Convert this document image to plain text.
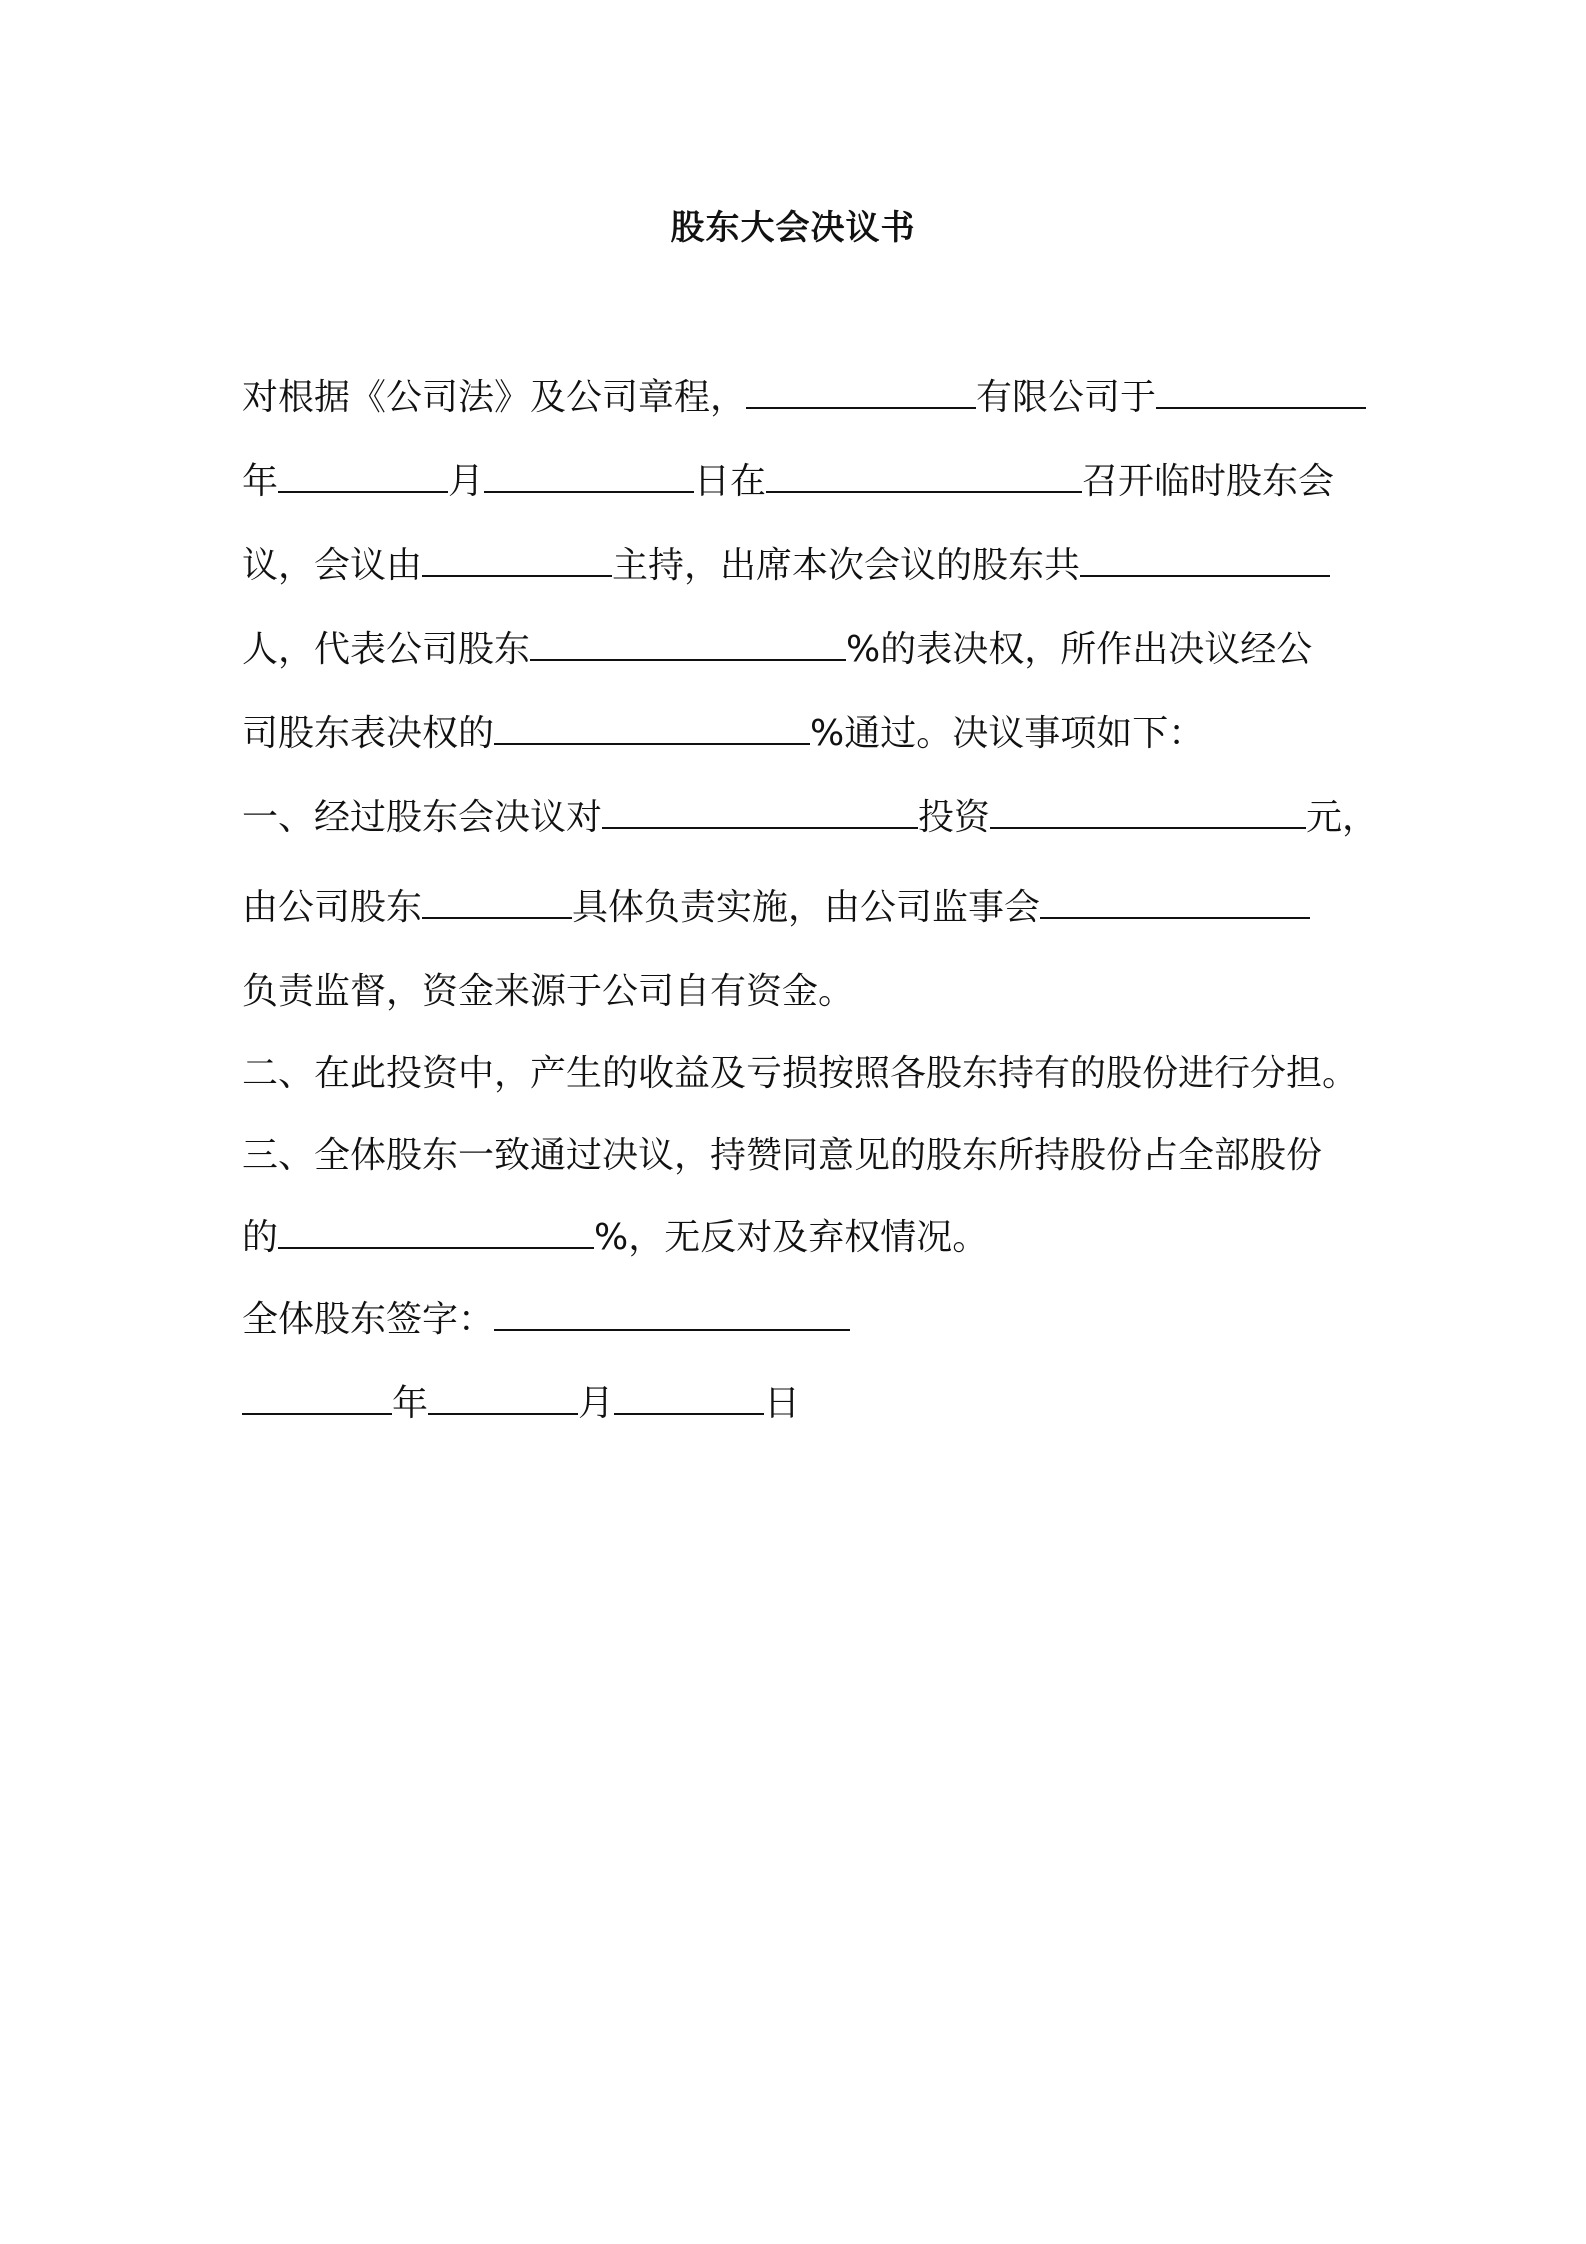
股东大会决议书
对根据《公司法》及公司章程，	有限公司于
年	月	日在	召开临时股东会
议，会议由	主持，出席本次会议的股东共
人，代表公司股东	%的表决权，所作出决议经公
司股东表决权的	%通过。决议事项如下：
一、经过股东会决议对	投资	元，
由公司股东	具体负责实施，由公司监事会
负责监督，资金来源于公司自有资金。
二、在此投资中，产生的收益及亏损按照各股东持有的股份进行分担。
三、全体股东一致通过决议，持赞同意见的股东所持股份占全部股份
的	%，无反对及弃权情况。
全体股东签字：
年	月	日
